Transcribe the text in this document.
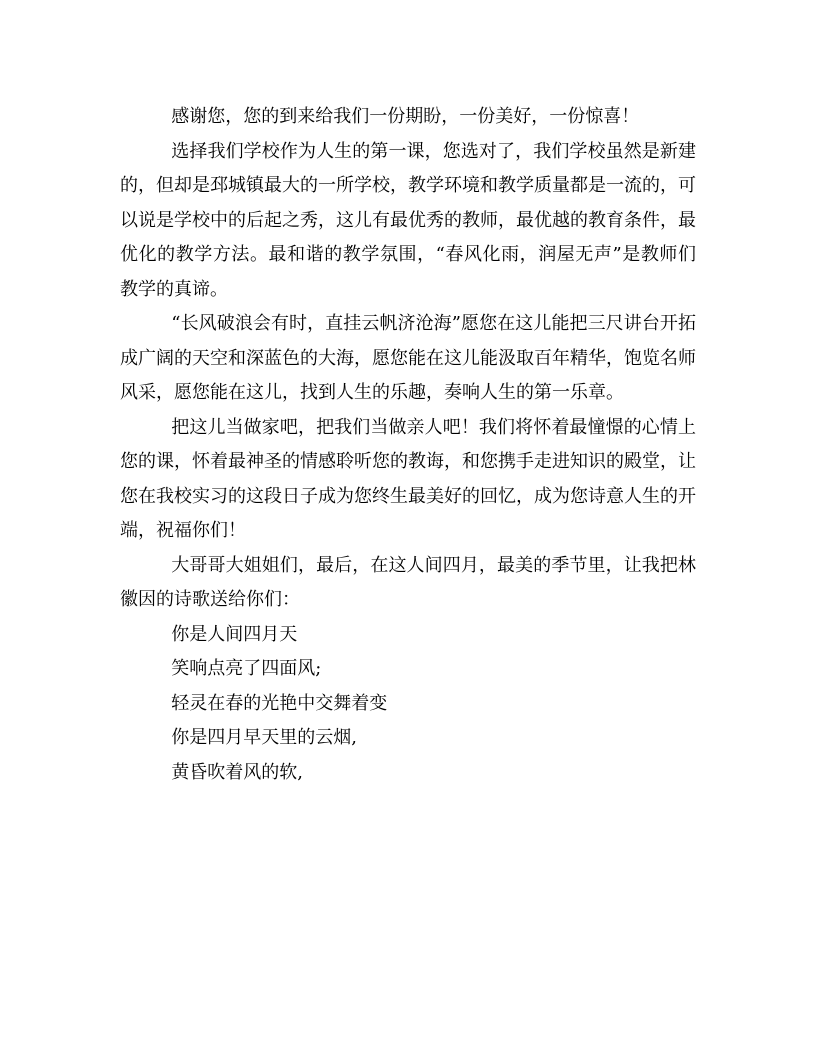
感谢您，您的到来给我们一份期盼，一份美好，一份惊喜！

选择我们学校作为人生的第一课，您选对了，我们学校虽然是新建的，但却是邳城镇最大的一所学校，教学环境和教学质量都是一流的，可以说是学校中的后起之秀，这儿有最优秀的教师，最优越的教育条件，最优化的教学方法。最和谐的教学氛围，“春风化雨，润屋无声”是教师们教学的真谛。

“长风破浪会有时，直挂云帆济沧海”愿您在这儿能把三尺讲台开拓成广阔的天空和深蓝色的大海，愿您能在这儿能汲取百年精华，饱览名师风采，愿您能在这儿，找到人生的乐趣，奏响人生的第一乐章。

把这儿当做家吧，把我们当做亲人吧！我们将怀着最憧憬的心情上您的课，怀着最神圣的情感聆听您的教诲，和您携手走进知识的殿堂，让您在我校实习的这段日子成为您终生最美好的回忆，成为您诗意人生的开端，祝福你们！

大哥哥大姐姐们，最后，在这人间四月，最美的季节里，让我把林徽因的诗歌送给你们：

你是人间四月天

笑响点亮了四面风;

轻灵在春的光艳中交舞着变

你是四月早天里的云烟,

黄昏吹着风的软,
